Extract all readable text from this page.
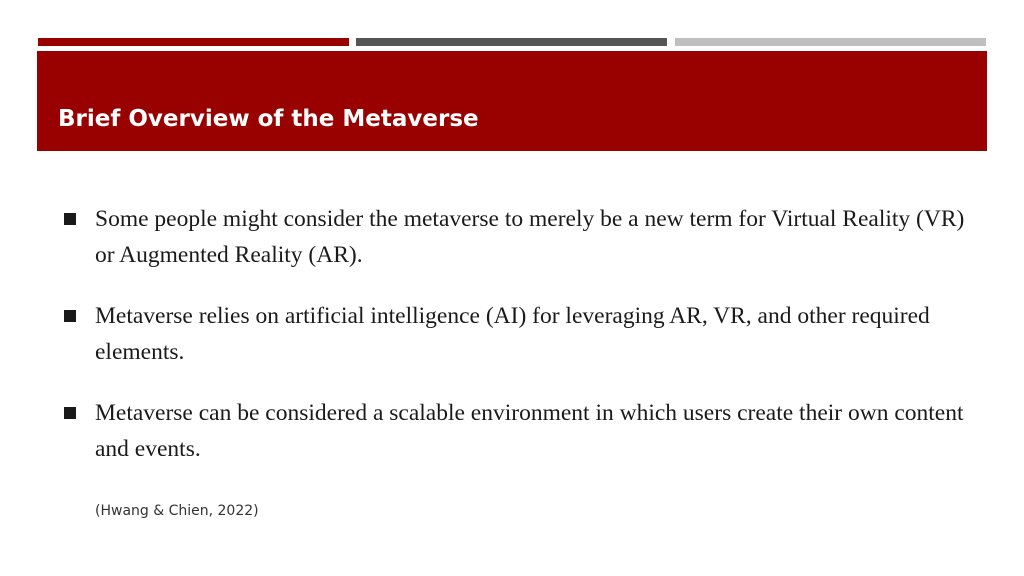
Brief Overview of the Metaverse
Some people might consider the metaverse to merely be a new term for Virtual Reality (VR) or Augmented Reality (AR).
Metaverse relies on artificial intelligence (AI) for leveraging AR, VR, and other required elements.
Metaverse can be considered a scalable environment in which users create their own content and events.

(Hwang & Chien, 2022)
